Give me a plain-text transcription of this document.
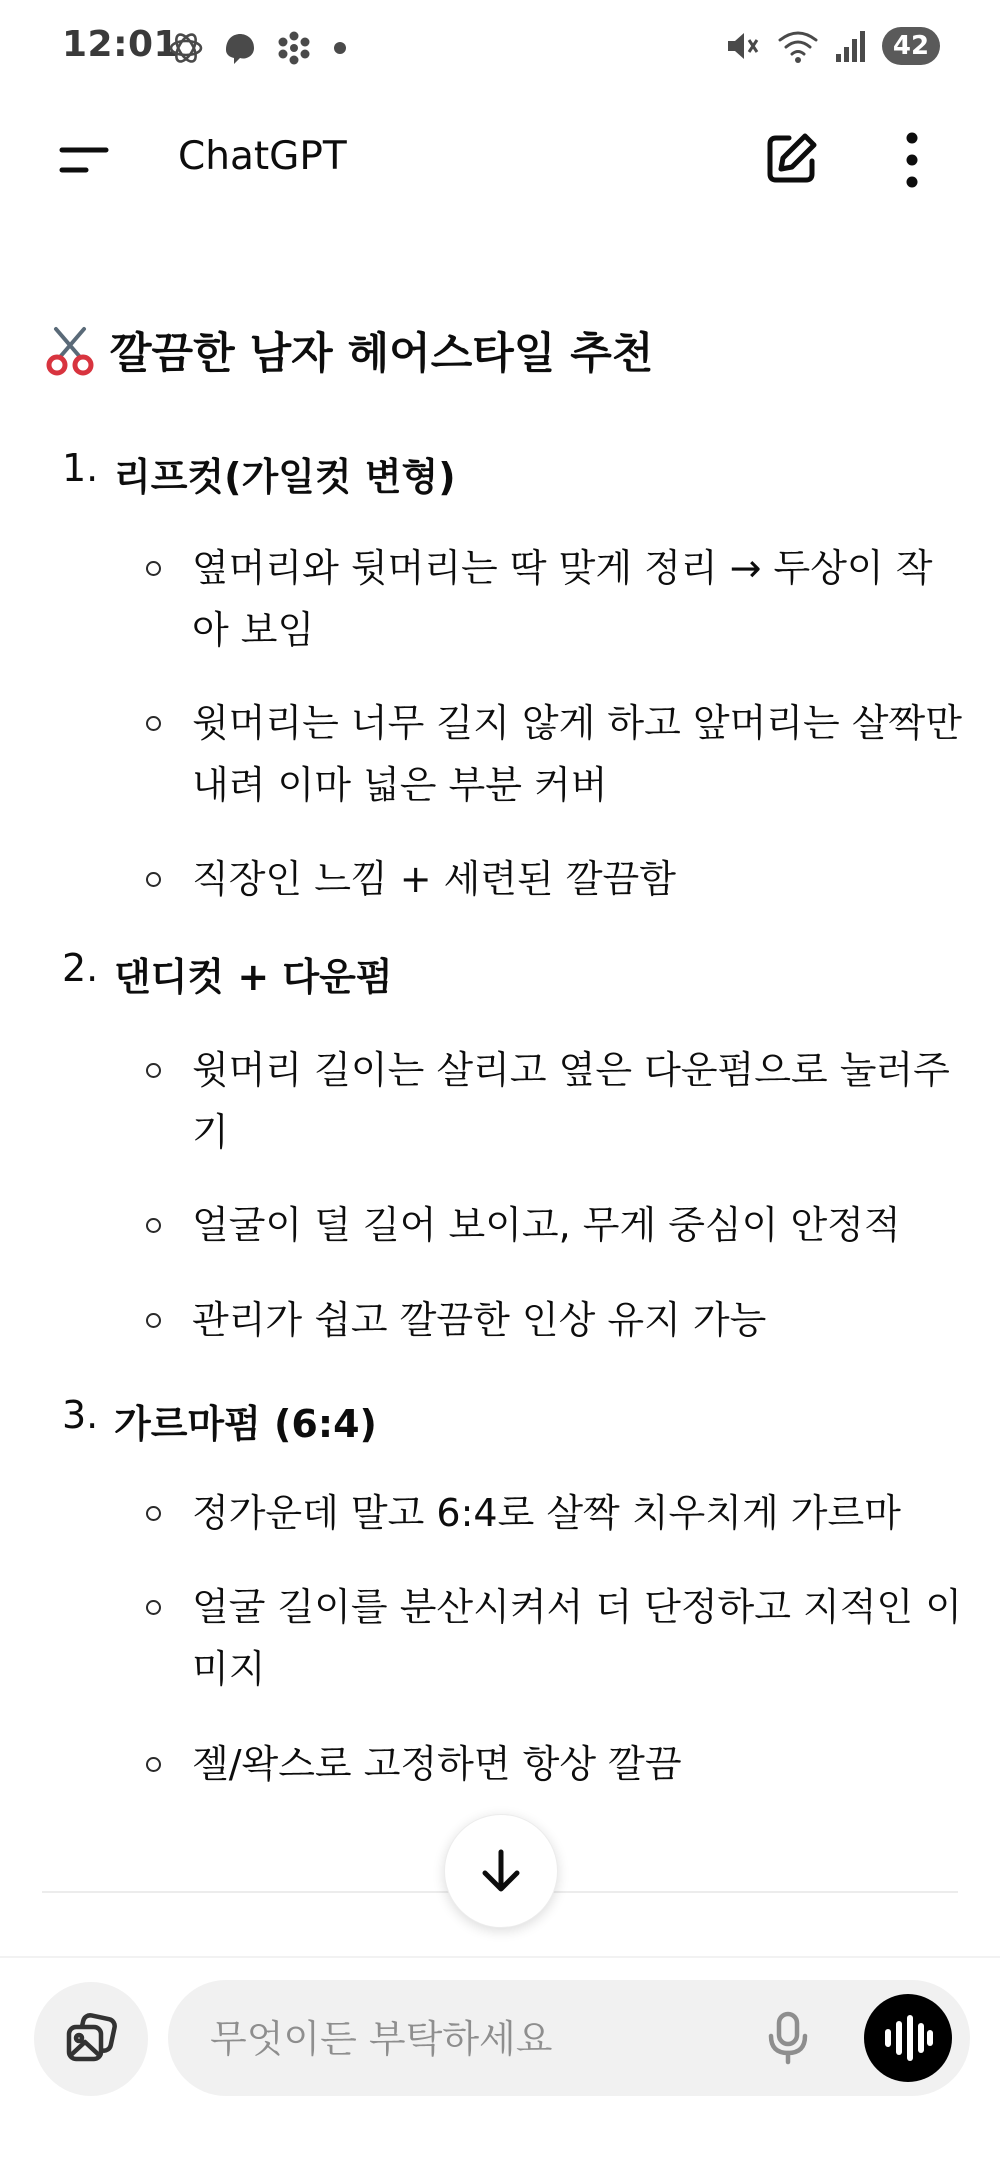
12:01	42
ChatGPT
깔끔한 남자 헤어스타일 추천
1. 리프컷(가일컷 변형)
옆머리와 뒷머리는 딱 맞게 정리 → 두상이 작아 보임
윗머리는 너무 길지 않게 하고 앞머리는 살짝만 내려 이마 넓은 부분 커버
직장인 느낌 + 세련된 깔끔함
2. 댄디컷 + 다운펌
윗머리 길이는 살리고 옆은 다운펌으로 눌러주기
얼굴이 덜 길어 보이고, 무게 중심이 안정적
관리가 쉽고 깔끔한 인상 유지 가능
3. 가르마펌 (6:4)
정가운데 말고 6:4로 살짝 치우치게 가르마
얼굴 길이를 분산시켜서 더 단정하고 지적인 이미지
젤/왁스로 고정하면 항상 깔끔
무엇이든 부탁하세요
